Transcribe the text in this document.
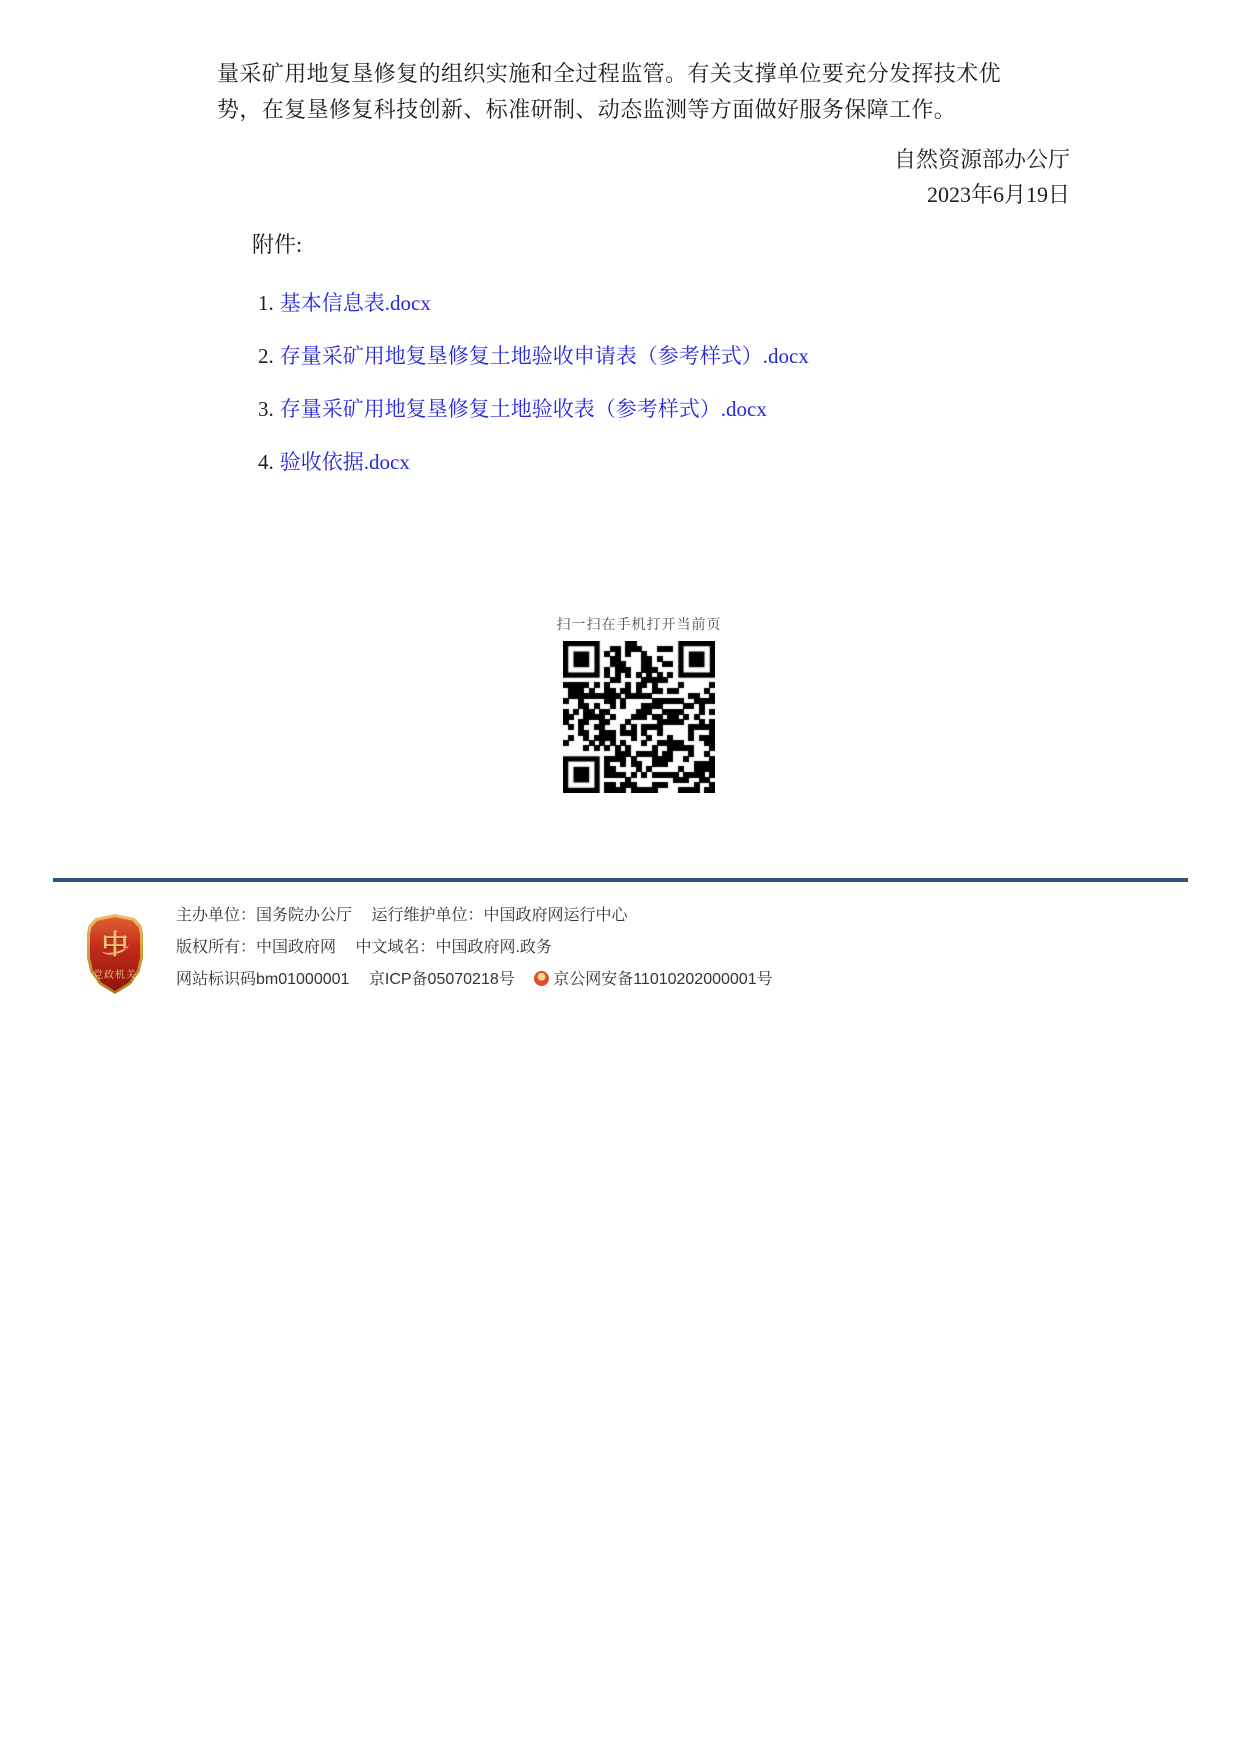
量采矿用地复垦修复的组织实施和全过程监管。有关支撑单位要充分发挥技术优
势，在复垦修复科技创新、标准研制、动态监测等方面做好服务保障工作。
自然资源部办公厅
2023年6月19日
附件:
1. 基本信息表.docx
2. 存量采矿用地复垦修复土地验收申请表（参考样式）.docx
3. 存量采矿用地复垦修复土地验收表（参考样式）.docx
4. 验收依据.docx
扫一扫在手机打开当前页
中
党政机关
主办单位：国务院办公厅 运行维护单位：中国政府网运行中心
版权所有：中国政府网 中文域名：中国政府网.政务
网站标识码bm01000001 京ICP备05070218号 京公网安备11010202000001号
